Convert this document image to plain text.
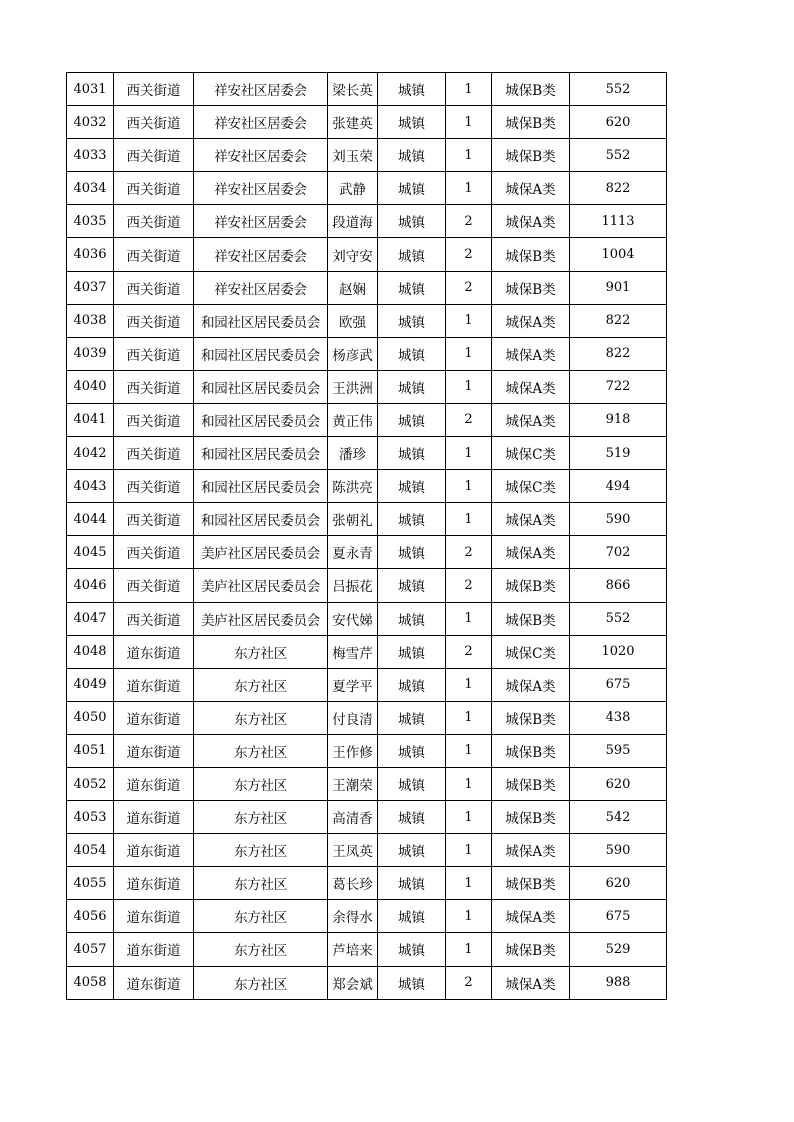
4031	西关街道	祥安社区居委会	梁长英	城镇	1	城保B类	552
4032	西关街道	祥安社区居委会	张建英	城镇	1	城保B类	620
4033	西关街道	祥安社区居委会	刘玉荣	城镇	1	城保B类	552
4034	西关街道	祥安社区居委会	武静	城镇	1	城保A类	822
4035	西关街道	祥安社区居委会	段道海	城镇	2	城保A类	1113
4036	西关街道	祥安社区居委会	刘守安	城镇	2	城保B类	1004
4037	西关街道	祥安社区居委会	赵娴	城镇	2	城保B类	901
4038	西关街道	和园社区居民委员会	欧强	城镇	1	城保A类	822
4039	西关街道	和园社区居民委员会	杨彦武	城镇	1	城保A类	822
4040	西关街道	和园社区居民委员会	王洪洲	城镇	1	城保A类	722
4041	西关街道	和园社区居民委员会	黄正伟	城镇	2	城保A类	918
4042	西关街道	和园社区居民委员会	潘珍	城镇	1	城保C类	519
4043	西关街道	和园社区居民委员会	陈洪亮	城镇	1	城保C类	494
4044	西关街道	和园社区居民委员会	张朝礼	城镇	1	城保A类	590
4045	西关街道	美庐社区居民委员会	夏永青	城镇	2	城保A类	702
4046	西关街道	美庐社区居民委员会	吕振花	城镇	2	城保B类	866
4047	西关街道	美庐社区居民委员会	安代娣	城镇	1	城保B类	552
4048	道东街道	东方社区	梅雪芹	城镇	2	城保C类	1020
4049	道东街道	东方社区	夏学平	城镇	1	城保A类	675
4050	道东街道	东方社区	付良清	城镇	1	城保B类	438
4051	道东街道	东方社区	王作修	城镇	1	城保B类	595
4052	道东街道	东方社区	王潮荣	城镇	1	城保B类	620
4053	道东街道	东方社区	高清香	城镇	1	城保B类	542
4054	道东街道	东方社区	王凤英	城镇	1	城保A类	590
4055	道东街道	东方社区	葛长珍	城镇	1	城保B类	620
4056	道东街道	东方社区	余得水	城镇	1	城保A类	675
4057	道东街道	东方社区	芦培来	城镇	1	城保B类	529
4058	道东街道	东方社区	郑会斌	城镇	2	城保A类	988
